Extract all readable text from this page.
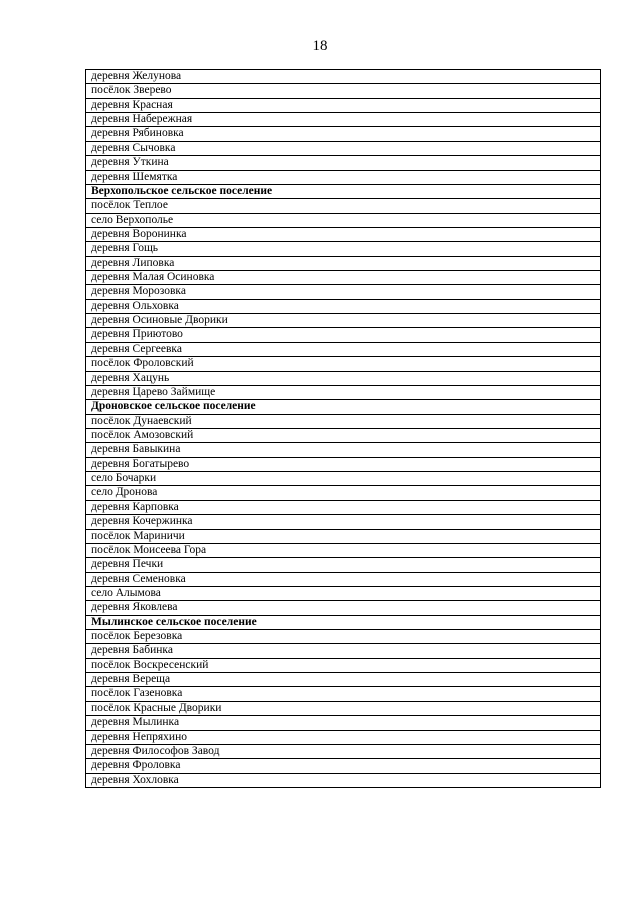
18
деревня Желунова
посёлок Зверево
деревня Красная
деревня Набережная
деревня Рябиновка
деревня Сычовка
деревня Уткина
деревня Шемятка
Верхопольское сельское поселение
посёлок Теплое
село Верхополье
деревня Воронинка
деревня Гощь
деревня Липовка
деревня Малая Осиновка
деревня Морозовка
деревня Ольховка
деревня Осиновые Дворики
деревня Приютово
деревня Сергеевка
посёлок Фроловский
деревня Хацунь
деревня Царево Займище
Дроновское сельское поселение
посёлок Дунаевский
посёлок Амозовский
деревня Бавыкина
деревня Богатырево
село Бочарки
село Дронова
деревня Карповка
деревня Кочержинка
посёлок Мариничи
посёлок Моисеева Гора
деревня Печки
деревня Семеновка
село Алымова
деревня Яковлева
Мылинское сельское поселение
посёлок Березовка
деревня Бабинка
посёлок Воскресенский
деревня Вереща
посёлок Газеновка
посёлок Красные Дворики
деревня Мылинка
деревня Непряхино
деревня Философов Завод
деревня Фроловка
деревня Хохловка
